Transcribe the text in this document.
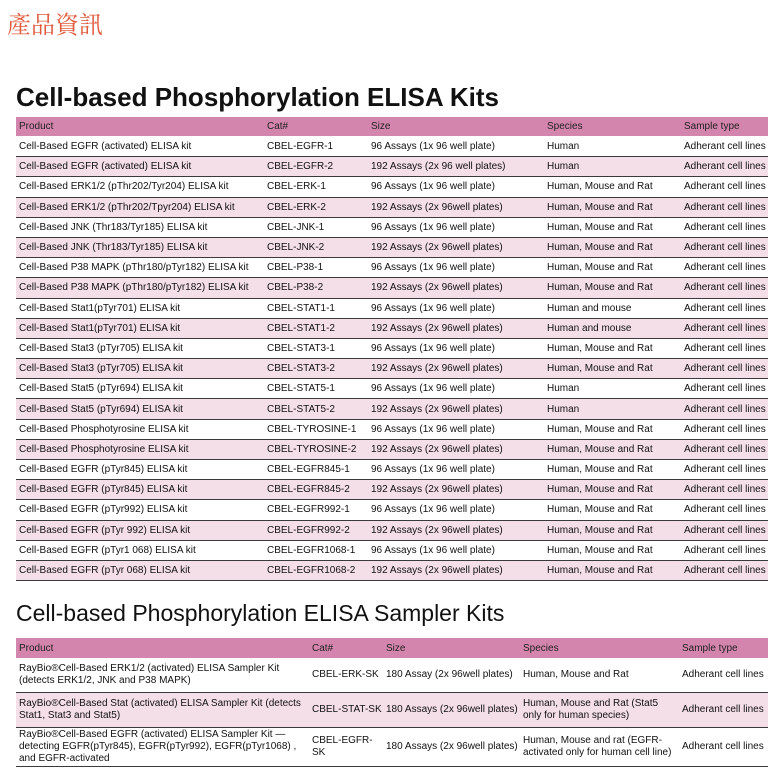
產品資訊
Cell-based Phosphorylation ELISA Kits
Product	Cat#	Size	Species	Sample type
Cell-Based EGFR (activated) ELISA kit	CBEL-EGFR-1	96 Assays (1x 96 well plate)	Human	Adherant cell lines
Cell-Based EGFR (activated) ELISA kit	CBEL-EGFR-2	192 Assays (2x 96 well plates)	Human	Adherant cell lines
Cell-Based ERK1/2 (pThr202/Tyr204) ELISA kit	CBEL-ERK-1	96 Assays (1x 96 well plate)	Human, Mouse and Rat	Adherant cell lines
Cell-Based ERK1/2 (pThr202/Tpyr204) ELISA kit	CBEL-ERK-2	192 Assays (2x 96well plates)	Human, Mouse and Rat	Adherant cell lines
Cell-Based JNK (Thr183/Tyr185) ELISA kit	CBEL-JNK-1	96 Assays (1x 96 well plate)	Human, Mouse and Rat	Adherant cell lines
Cell-Based JNK (Thr183/Tyr185) ELISA kit	CBEL-JNK-2	192 Assays (2x 96well plates)	Human, Mouse and Rat	Adherant cell lines
Cell-Based P38 MAPK (pThr180/pTyr182) ELISA kit	CBEL-P38-1	96 Assays (1x 96 well plate)	Human, Mouse and Rat	Adherant cell lines
Cell-Based P38 MAPK (pThr180/pTyr182) ELISA kit	CBEL-P38-2	192 Assays (2x 96well plates)	Human, Mouse and Rat	Adherant cell lines
Cell-Based Stat1(pTyr701) ELISA kit	CBEL-STAT1-1	96 Assays (1x 96 well plate)	Human and mouse	Adherant cell lines
Cell-Based Stat1(pTyr701) ELISA kit	CBEL-STAT1-2	192 Assays (2x 96well plates)	Human and mouse	Adherant cell lines
Cell-Based Stat3 (pTyr705) ELISA kit	CBEL-STAT3-1	96 Assays (1x 96 well plate)	Human, Mouse and Rat	Adherant cell lines
Cell-Based Stat3 (pTyr705) ELISA kit	CBEL-STAT3-2	192 Assays (2x 96well plates)	Human, Mouse and Rat	Adherant cell lines
Cell-Based Stat5 (pTyr694) ELISA kit	CBEL-STAT5-1	96 Assays (1x 96 well plate)	Human	Adherant cell lines
Cell-Based Stat5 (pTyr694) ELISA kit	CBEL-STAT5-2	192 Assays (2x 96well plates)	Human	Adherant cell lines
Cell-Based Phosphotyrosine ELISA kit	CBEL-TYROSINE-1	96 Assays (1x 96 well plate)	Human, Mouse and Rat	Adherant cell lines
Cell-Based Phosphotyrosine ELISA kit	CBEL-TYROSINE-2	192 Assays (2x 96well plates)	Human, Mouse and Rat	Adherant cell lines
Cell-Based EGFR (pTyr845) ELISA kit	CBEL-EGFR845-1	96 Assays (1x 96 well plate)	Human, Mouse and Rat	Adherant cell lines
Cell-Based EGFR (pTyr845) ELISA kit	CBEL-EGFR845-2	192 Assays (2x 96well plates)	Human, Mouse and Rat	Adherant cell lines
Cell-Based EGFR (pTyr992) ELISA kit	CBEL-EGFR992-1	96 Assays (1x 96 well plate)	Human, Mouse and Rat	Adherant cell lines
Cell-Based EGFR (pTyr 992) ELISA kit	CBEL-EGFR992-2	192 Assays (2x 96well plates)	Human, Mouse and Rat	Adherant cell lines
Cell-Based EGFR (pTyr1 068) ELISA kit	CBEL-EGFR1068-1	96 Assays (1x 96 well plate)	Human, Mouse and Rat	Adherant cell lines
Cell-Based EGFR (pTyr 068) ELISA kit	CBEL-EGFR1068-2	192 Assays (2x 96well plates)	Human, Mouse and Rat	Adherant cell lines
Cell-based Phosphorylation ELISA Sampler Kits
Product	Cat#	Size	Species	Sample type
RayBio®Cell-Based ERK1/2 (activated) ELISA Sampler Kit (detects ERK1/2, JNK and P38 MAPK)	CBEL-ERK-SK	180 Assay (2x 96well plates)	Human, Mouse and Rat	Adherant cell lines
RayBio®Cell-Based Stat (activated) ELISA Sampler Kit (detects Stat1, Stat3 and Stat5)	CBEL-STAT-SK	180 Assays (2x 96well plates)	Human, Mouse and Rat (Stat5 only for human species)	Adherant cell lines
RayBio®Cell-Based EGFR (activated) ELISA Sampler Kit — detecting EGFR(pTyr845), EGFR(pTyr992), EGFR(pTyr1068) , and EGFR-activated	CBEL-EGFR-SK	180 Assays (2x 96well plates)	Human, Mouse and rat (EGFR-activated only for human cell line)	Adherant cell lines
